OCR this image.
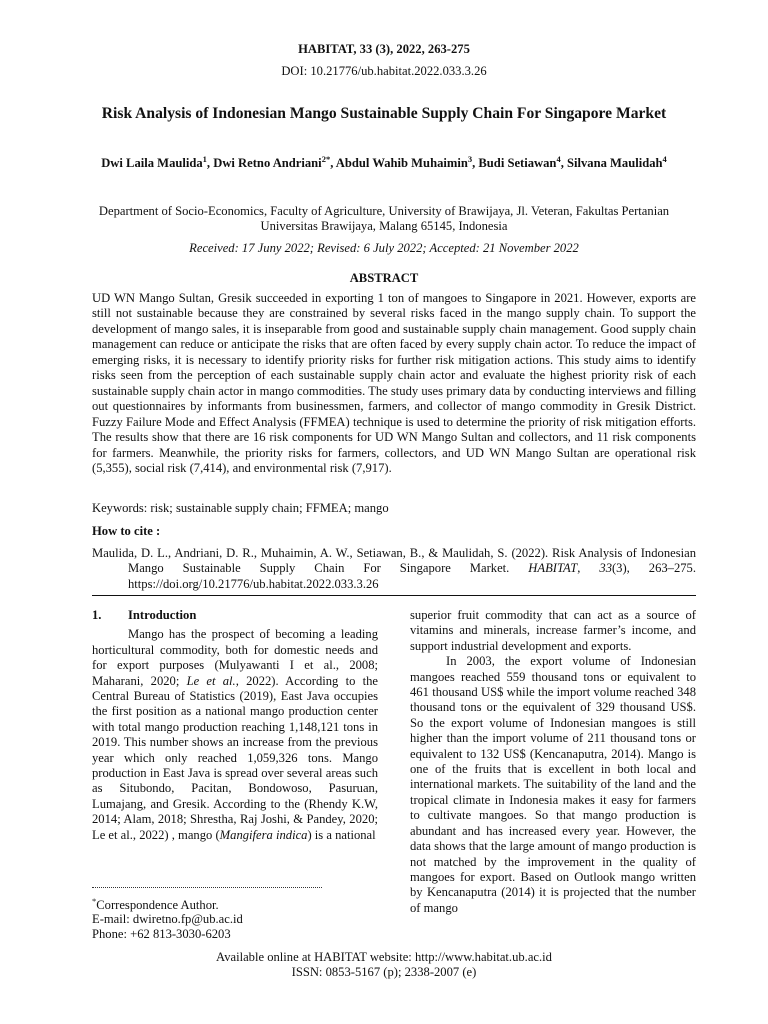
HABITAT, 33 (3), 2022, 263-275
DOI: 10.21776/ub.habitat.2022.033.3.26
Risk Analysis of Indonesian Mango Sustainable Supply Chain For Singapore Market
Dwi Laila Maulida$^1$, Dwi Retno Andriani$^{2*}$, Abdul Wahib Muhaimin$^3$, Budi Setiawan$^4$, Silvana Maulidah$^4$
Department of Socio-Economics, Faculty of Agriculture, University of Brawijaya, Jl. Veteran, Fakultas Pertanian Universitas Brawijaya, Malang 65145, Indonesia
Received: 17 Juny 2022; Revised: 6 July 2022; Accepted: 21 November 2022
ABSTRACT
UD WN Mango Sultan, Gresik succeeded in exporting 1 ton of mangoes to Singapore in 2021. However, exports are still not sustainable because they are constrained by several risks faced in the mango supply chain. To support the development of mango sales, it is inseparable from good and sustainable supply chain management. Good supply chain management can reduce or anticipate the risks that are often faced by every supply chain actor. To reduce the impact of emerging risks, it is necessary to identify priority risks for further risk mitigation actions. This study aims to identify risks seen from the perception of each sustainable supply chain actor and evaluate the highest priority risk of each sustainable supply chain actor in mango commodities. The study uses primary data by conducting interviews and filling out questionnaires by informants from businessmen, farmers, and collector of mango commodity in Gresik District. Fuzzy Failure Mode and Effect Analysis (FFMEA) technique is used to determine the priority of risk mitigation efforts. The results show that there are 16 risk components for UD WN Mango Sultan and collectors, and 11 risk components for farmers. Meanwhile, the priority risks for farmers, collectors, and UD WN Mango Sultan are operational risk (5,355), social risk (7,414), and environmental risk (7,917).
Keywords: risk; sustainable supply chain; FFMEA; mango
How to cite :
Maulida, D. L., Andriani, D. R., Muhaimin, A. W., Setiawan, B., & Maulidah, S. (2022). Risk Analysis of Indonesian Mango Sustainable Supply Chain For Singapore Market. HABITAT, 33(3), 263–275. https://doi.org/10.21776/ub.habitat.2022.033.3.26
1.	Introduction

Mango has the prospect of becoming a leading horticultural commodity, both for domestic needs and for export purposes (Mulyawanti I et al., 2008; Maharani, 2020; Le et al., 2022). According to the Central Bureau of Statistics (2019), East Java occupies the first position as a national mango production center with total mango production reaching 1,148,121 tons in 2019. This number shows an increase from the previous year which only reached 1,059,326 tons. Mango production in East Java is spread over several areas such as Situbondo, Pacitan, Bondowoso, Pasuruan, Lumajang, and Gresik. According to the (Rhendy K.W, 2014; Alam, 2018; Shrestha, Raj Joshi, & Pandey, 2020; Le et al., 2022) , mango (Mangifera indica) is a national

*Correspondence Author.
E-mail: dwiretno.fp@ub.ac.id
Phone: +62 813-3030-6203

superior fruit commodity that can act as a source of vitamins and minerals, increase farmer’s income, and support industrial development and exports.

In 2003, the export volume of Indonesian mangoes reached 559 thousand tons or equivalent to 461 thousand US$ while the import volume reached 348 thousand tons or the equivalent of 329 thousand US$. So the export volume of Indonesian mangoes is still higher than the import volume of 211 thousand tons or equivalent to 132 US$ (Kencanaputra, 2014). Mango is one of the fruits that is excellent in both local and international markets. The suitability of the land and the tropical climate in Indonesia makes it easy for farmers to cultivate mangoes. So that mango production is abundant and has increased every year. However, the data shows that the large amount of mango production is not matched by the improvement in the quality of mangoes for export. Based on Outlook mango written by Kencanaputra (2014) it is projected that the number of mango

Available online at HABITAT website: http://www.habitat.ub.ac.id
ISSN: 0853-5167 (p); 2338-2007 (e)
